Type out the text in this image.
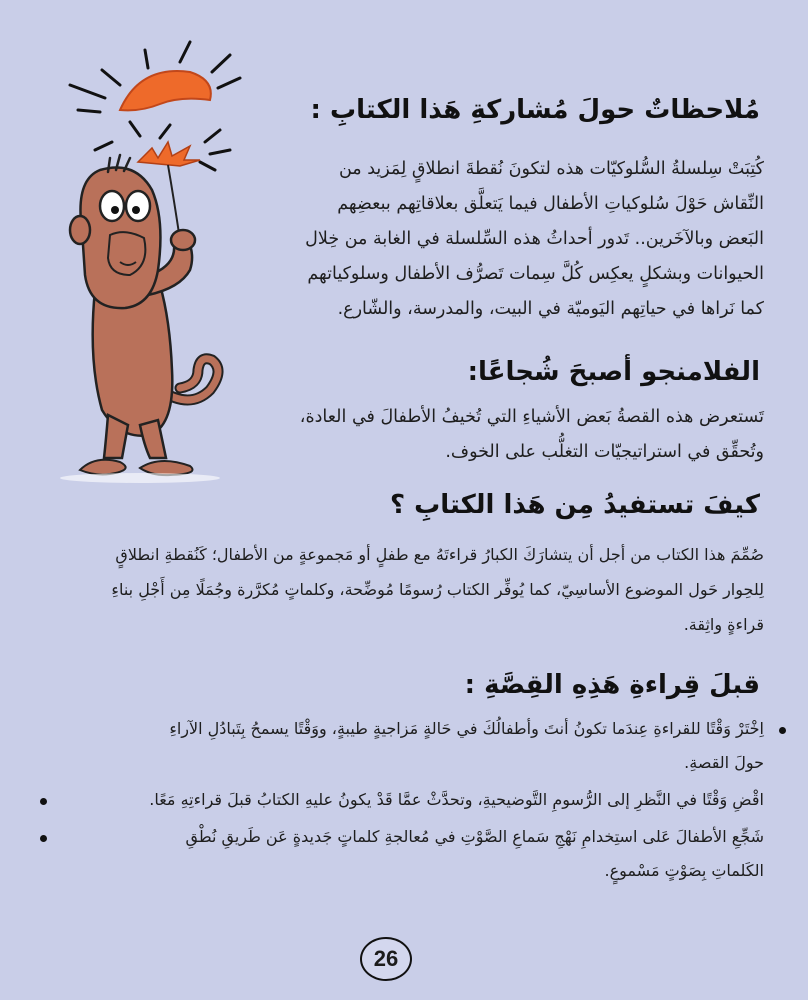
مُلاحظاتٌ حولَ مُشاركةِ هَذا الكتابِ :
كُتِبَتْ سِلسلةُ السُّلوكيّات هذه لتكونَ نُقطةَ انطلاقٍ لِمَزيد من
النِّقاش حَوْلَ سُلوكياتِ الأطفال فيما يَتعلَّق بعلاقاتِهم ببعضِهم
البَعض وبالآخَرين.. تَدور أحداثُ هذه السِّلسلة في الغابة من خِلال
الحيوانات وبشكلٍ يعكِس كُلَّ سِمات تَصرُّف الأطفال وسلوكياتهم
كما نَراها في حياتِهم اليَوميّة في البيت، والمدرسة، والشّارع.
الفلامنجو أصبحَ شُجاعًا:
تَستعرض هذه القصةُ بَعض الأشياءِ التي تُخيفُ الأطفالَ في العادة،
وتُحقِّق في استراتيجيّات التغلُّب على الخوف.
كيفَ تستفيدُ مِن هَذا الكتابِ ؟
صُمِّمَ هذا الكتاب من أجل أن يتشارَكَ الكبارُ قراءتَهُ مع طفلٍ أو مَجموعةٍ من الأطفال؛ كَنُقطةِ انطلاقٍ
لِلحِوار حَول الموضوع الأساسِيّ، كما يُوفِّر الكتاب رُسومًا مُوضِّحة، وكلماتٍ مُكرَّرة وجُمَلًا مِن أَجْلِ بناءِ
قراءةٍ واثِقة.
قبلَ قِراءةِ هَذِهِ القِصَّةِ :
اِخْتَرْ وَقْتًا للقراءةِ عِندَما تكونُ أنتَ وأطفالُكَ في حَالةٍ مَزاجيةٍ طيبةٍ، ووَقْتًا يسمحُ بِتَبادُلِ الآراءِ
حولَ القصةِ.
اقْضِ وَقْتًا في النَّظرِ إلى الرُّسومِ التَّوضيحيةِ، وتحدَّثْ عمَّا قَدْ يكونُ عليهِ الكتابُ قبلَ قراءتِهِ مَعًا.
شَجِّعِ الأطفالَ عَلى استِخدامِ نَهْجِ سَماعِ الصَّوْتِ في مُعالجةِ كلماتٍ جَديدةٍ عَن طَريقِ نُطْقِ
الكَلماتِ بِصَوْتٍ مَسْموعٍ.
26
